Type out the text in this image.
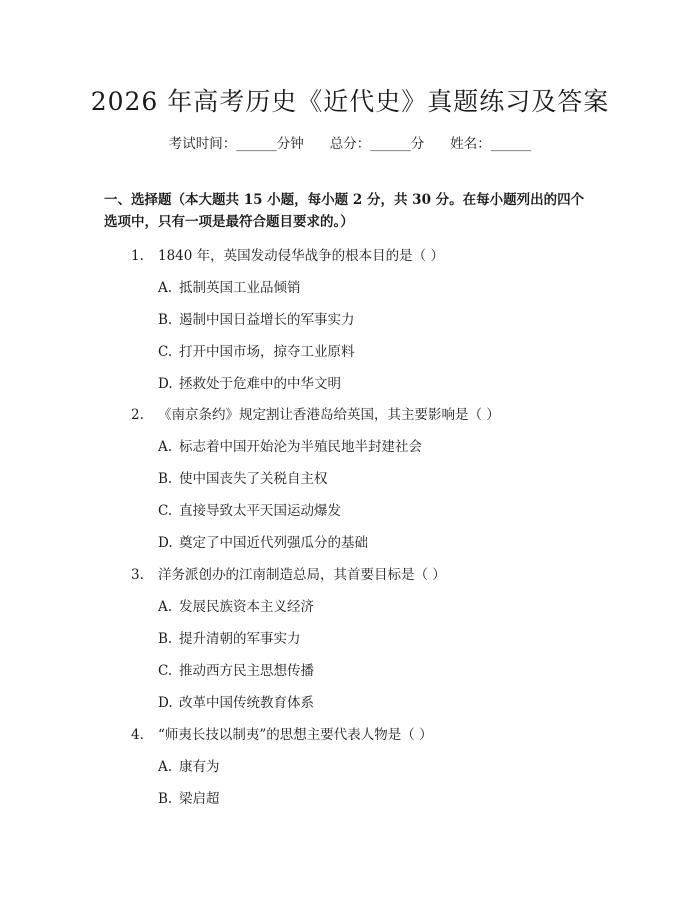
2026 年高考历史《近代史》真题练习及答案
考试时间：______分钟 总分：______分 姓名：______
一、选择题（本大题共 15 小题，每小题 2 分，共 30 分。在每小题列出的四个选项中，只有一项是最符合题目要求的。）
1. 1840 年，英国发动侵华战争的根本目的是（ ）
A. 抵制英国工业品倾销
B. 遏制中国日益增长的军事实力
C. 打开中国市场，掠夺工业原料
D. 拯救处于危难中的中华文明
2. 《南京条约》规定割让香港岛给英国，其主要影响是（ ）
A. 标志着中国开始沦为半殖民地半封建社会
B. 使中国丧失了关税自主权
C. 直接导致太平天国运动爆发
D. 奠定了中国近代列强瓜分的基础
3. 洋务派创办的江南制造总局，其首要目标是（ ）
A. 发展民族资本主义经济
B. 提升清朝的军事实力
C. 推动西方民主思想传播
D. 改革中国传统教育体系
4. “师夷长技以制夷”的思想主要代表人物是（ ）
A. 康有为
B. 梁启超
